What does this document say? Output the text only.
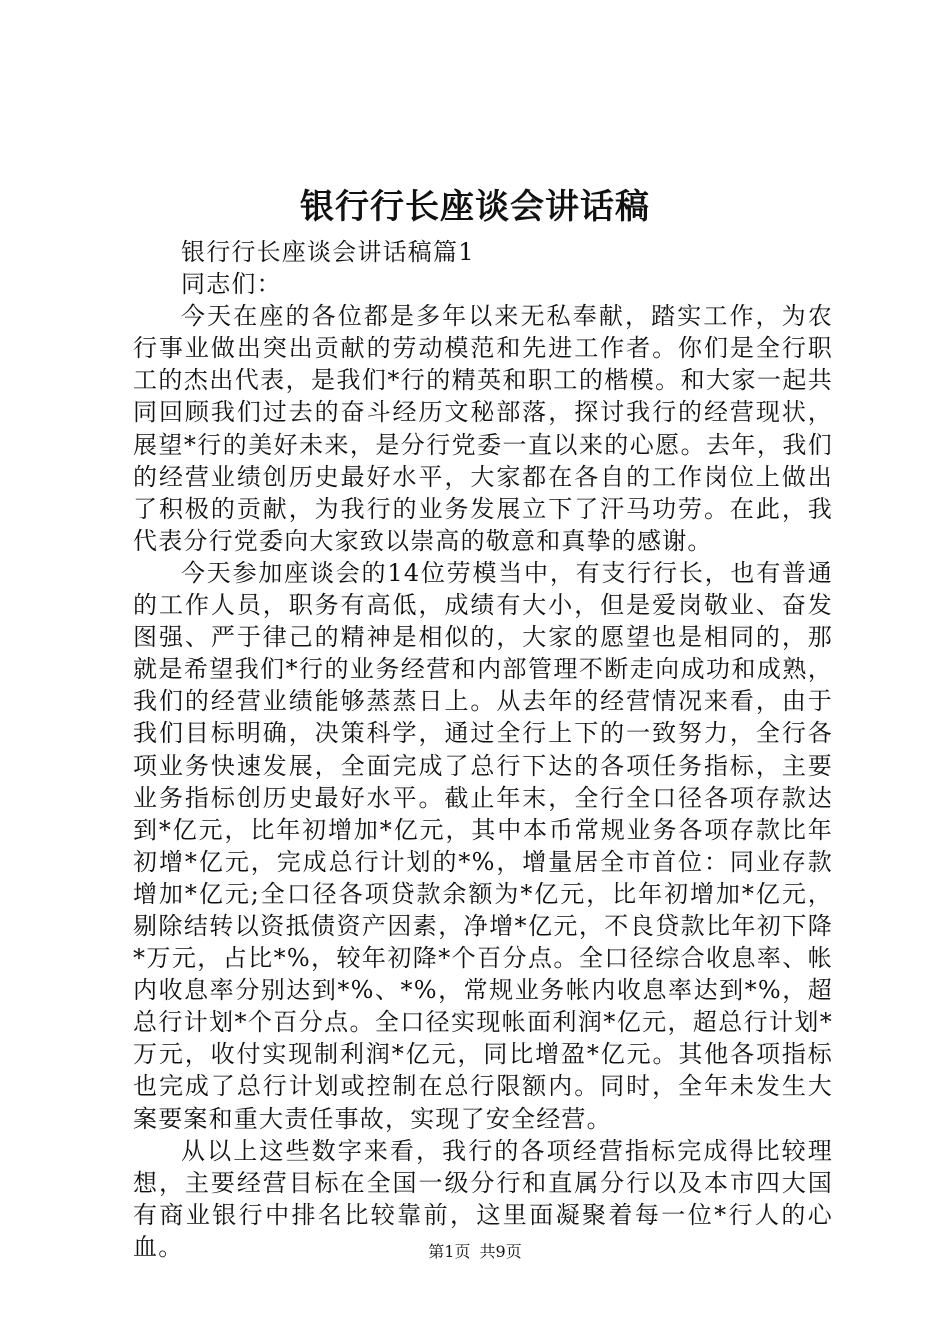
银行行长座谈会讲话稿

银行行长座谈会讲话稿篇1

同志们：

今天在座的各位都是多年以来无私奉献，踏实工作，为农行事业做出突出贡献的劳动模范和先进工作者。你们是全行职工的杰出代表，是我们*行的精英和职工的楷模。和大家一起共同回顾我们过去的奋斗经历文秘部落，探讨我行的经营现状，展望*行的美好未来，是分行党委一直以来的心愿。去年，我们的经营业绩创历史最好水平，大家都在各自的工作岗位上做出了积极的贡献，为我行的业务发展立下了汗马功劳。在此，我代表分行党委向大家致以崇高的敬意和真挚的感谢。

今天参加座谈会的14位劳模当中，有支行行长，也有普通的工作人员，职务有高低，成绩有大小，但是爱岗敬业、奋发图强、严于律己的精神是相似的，大家的愿望也是相同的，那就是希望我们*行的业务经营和内部管理不断走向成功和成熟，我们的经营业绩能够蒸蒸日上。从去年的经营情况来看，由于我们目标明确，决策科学，通过全行上下的一致努力，全行各项业务快速发展，全面完成了总行下达的各项任务指标，主要业务指标创历史最好水平。截止年末，全行全口径各项存款达到*亿元，比年初增加*亿元，其中本币常规业务各项存款比年初增*亿元，完成总行计划的*%，增量居全市首位：同业存款增加*亿元;全口径各项贷款余额为*亿元，比年初增加*亿元，剔除结转以资抵债资产因素，净增*亿元，不良贷款比年初下降*万元，占比*%，较年初降*个百分点。全口径综合收息率、帐内收息率分别达到*%、*%，常规业务帐内收息率达到*%，超总行计划*个百分点。全口径实现帐面利润*亿元，超总行计划*万元，收付实现制利润*亿元，同比增盈*亿元。其他各项指标也完成了总行计划或控制在总行限额内。同时，全年未发生大案要案和重大责任事故，实现了安全经营。

从以上这些数字来看，我行的各项经营指标完成得比较理想，主要经营目标在全国一级分行和直属分行以及本市四大国有商业银行中排名比较靠前，这里面凝聚着每一位*行人的心血。	第1页 共9页
